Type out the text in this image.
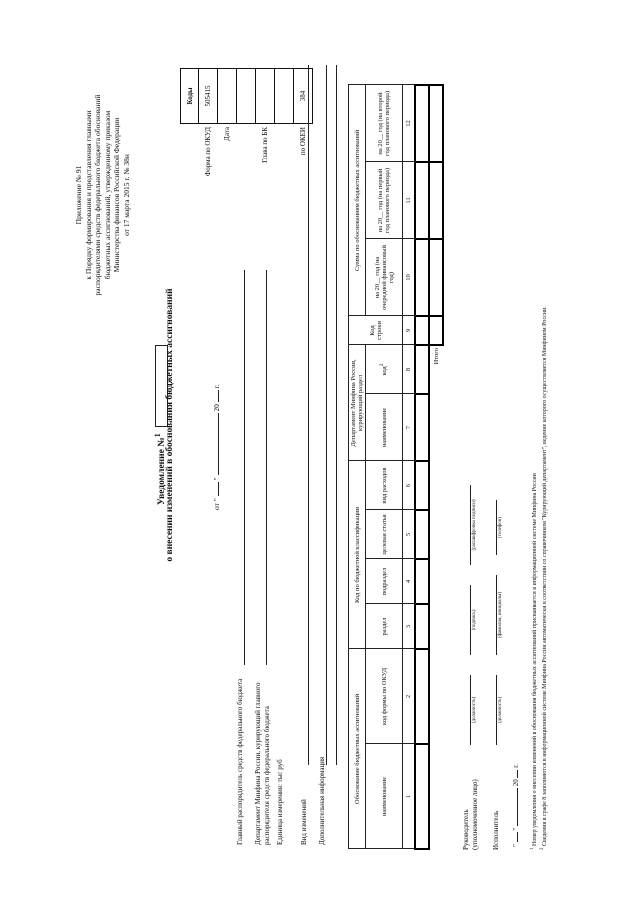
Приложение № 91 к Порядку формирования и представления главными распорядителями средств федерального бюджета обоснований бюджетных ассигнований, утвержденному приказом Министерства финансов Российской Федерации от 17 марта 2015 г. № 38н
Уведомление №$^1$ о внесении изменений в обоснования бюджетных ассигнований	от "  "  20  г.
	Коды
Форма по ОКУД	505415
Дата	

Глава по БК	

по ОКЕИ	384
Главный распорядитель средств федерального бюджета Департамент Минфина России, курирующий главного распорядителя средств федерального бюджета Единица измерения: тыс руб Вид изменений Дополнительная информация	Обоснование бюджетных ассигнований		Код по бюджетной классификации				Департамент Минфина России, курирующий раздел		Код строки	Сумма по обоснованиям бюджетных ассигнований		
наименование	код формы по ОКУД	раздел	подраздел	целевая статья	вид расходов	наименование	код$^2$		на 20__ год (на очередной финансовый год)	на 20__ год (на первый год планового периода)	на 20__ год (на второй год планового периода)
1	2	3	4	5	6	7	8	9	10	11	12

							Итого				
Руководитель (уполномоченное лицо)
(должность)
(подпись)
(расшифровка подписи)
Исполнитель
(должность)
(фамилия, инициалы)
(телефон)
"  "  20  г.
$^1$ Номер уведомления о внесении изменений в обоснования бюджетных ассигнований присваивается в информационной системе Минфина России
$^2$ Сведения в графе 8 заполняются в информационной системе Минфина России автоматически в соответствии со справочником "Курирующий департамент", ведение которого осуществляется Минфином России.
